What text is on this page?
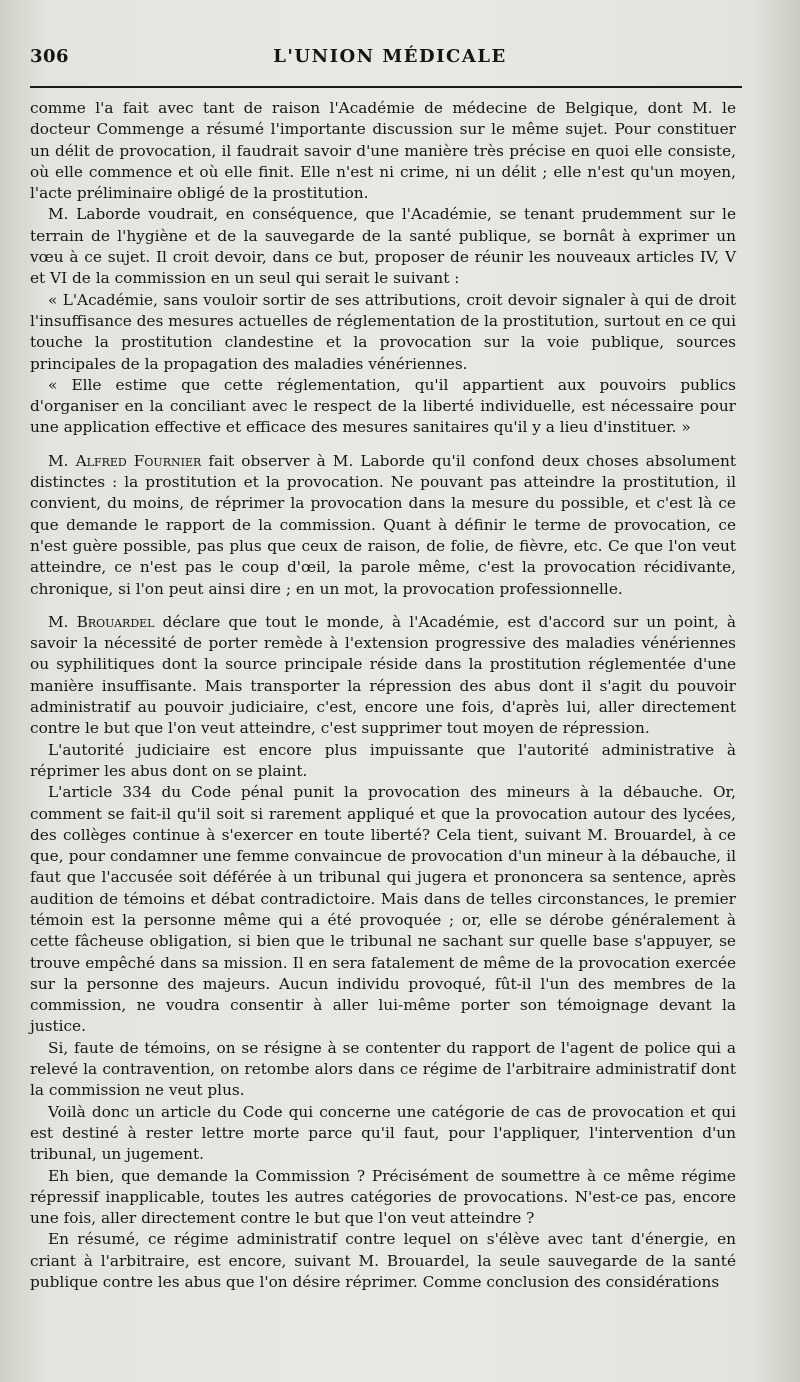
306	L'UNION MÉDICALE

comme l'a fait avec tant de raison l'Académie de médecine de Belgique, dont M. le docteur Commenge a résumé l'importante discussion sur le même sujet. Pour constituer un délit de provocation, il faudrait savoir d'une manière très précise en quoi elle consiste, où elle commence et où elle finit. Elle n'est ni crime, ni un délit ; elle n'est qu'un moyen, l'acte préliminaire obligé de la prostitution.

M. Laborde voudrait, en conséquence, que l'Académie, se tenant prudemment sur le terrain de l'hygiène et de la sauvegarde de la santé publique, se bornât à exprimer un vœu à ce sujet. Il croit devoir, dans ce but, proposer de réunir les nouveaux articles IV, V et VI de la commission en un seul qui serait le suivant :

« L'Académie, sans vouloir sortir de ses attributions, croit devoir signaler à qui de droit l'insuffisance des mesures actuelles de réglementation de la prostitution, surtout en ce qui touche la prostitution clandestine et la provocation sur la voie publique, sources principales de la propagation des maladies vénériennes.

« Elle estime que cette réglementation, qu'il appartient aux pouvoirs publics d'organiser en la conciliant avec le respect de la liberté individuelle, est nécessaire pour une application effective et efficace des mesures sanitaires qu'il y a lieu d'instituer. »

M. Alfred Fournier fait observer à M. Laborde qu'il confond deux choses absolument distinctes : la prostitution et la provocation. Ne pouvant pas atteindre la prostitution, il convient, du moins, de réprimer la provocation dans la mesure du possible, et c'est là ce que demande le rapport de la commission. Quant à définir le terme de provocation, ce n'est guère possible, pas plus que ceux de raison, de folie, de fièvre, etc. Ce que l'on veut atteindre, ce n'est pas le coup d'œil, la parole même, c'est la provocation récidivante, chronique, si l'on peut ainsi dire ; en un mot, la provocation professionnelle.

M. Brouardel déclare que tout le monde, à l'Académie, est d'accord sur un point, à savoir la nécessité de porter remède à l'extension progressive des maladies vénériennes ou syphilitiques dont la source principale réside dans la prostitution réglementée d'une manière insuffisante. Mais transporter la répression des abus dont il s'agit du pouvoir administratif au pouvoir judiciaire, c'est, encore une fois, d'après lui, aller directement contre le but que l'on veut atteindre, c'est supprimer tout moyen de répression.

L'autorité judiciaire est encore plus impuissante que l'autorité administrative à réprimer les abus dont on se plaint.

L'article 334 du Code pénal punit la provocation des mineurs à la débauche. Or, comment se fait-il qu'il soit si rarement appliqué et que la provocation autour des lycées, des collèges continue à s'exercer en toute liberté? Cela tient, suivant M. Brouardel, à ce que, pour condamner une femme convaincue de provocation d'un mineur à la débauche, il faut que l'accusée soit déférée à un tribunal qui jugera et prononcera sa sentence, après audition de témoins et débat contradictoire. Mais dans de telles circonstances, le premier témoin est la personne même qui a été provoquée ; or, elle se dérobe généralement à cette fâcheuse obligation, si bien que le tribunal ne sachant sur quelle base s'appuyer, se trouve empêché dans sa mission. Il en sera fatalement de même de la provocation exercée sur la personne des majeurs. Aucun individu provoqué, fût-il l'un des membres de la commission, ne voudra consentir à aller lui-même porter son témoignage devant la justice.

Si, faute de témoins, on se résigne à se contenter du rapport de l'agent de police qui a relevé la contravention, on retombe alors dans ce régime de l'arbitraire administratif dont la commission ne veut plus.

Voilà donc un article du Code qui concerne une catégorie de cas de provocation et qui est destiné à rester lettre morte parce qu'il faut, pour l'appliquer, l'intervention d'un tribunal, un jugement.

Eh bien, que demande la Commission ? Précisément de soumettre à ce même régime répressif inapplicable, toutes les autres catégories de provocations. N'est-ce pas, encore une fois, aller directement contre le but que l'on veut atteindre ?

En résumé, ce régime administratif contre lequel on s'élève avec tant d'énergie, en criant à l'arbitraire, est encore, suivant M. Brouardel, la seule sauvegarde de la santé publique contre les abus que l'on désire réprimer. Comme conclusion des considérations
